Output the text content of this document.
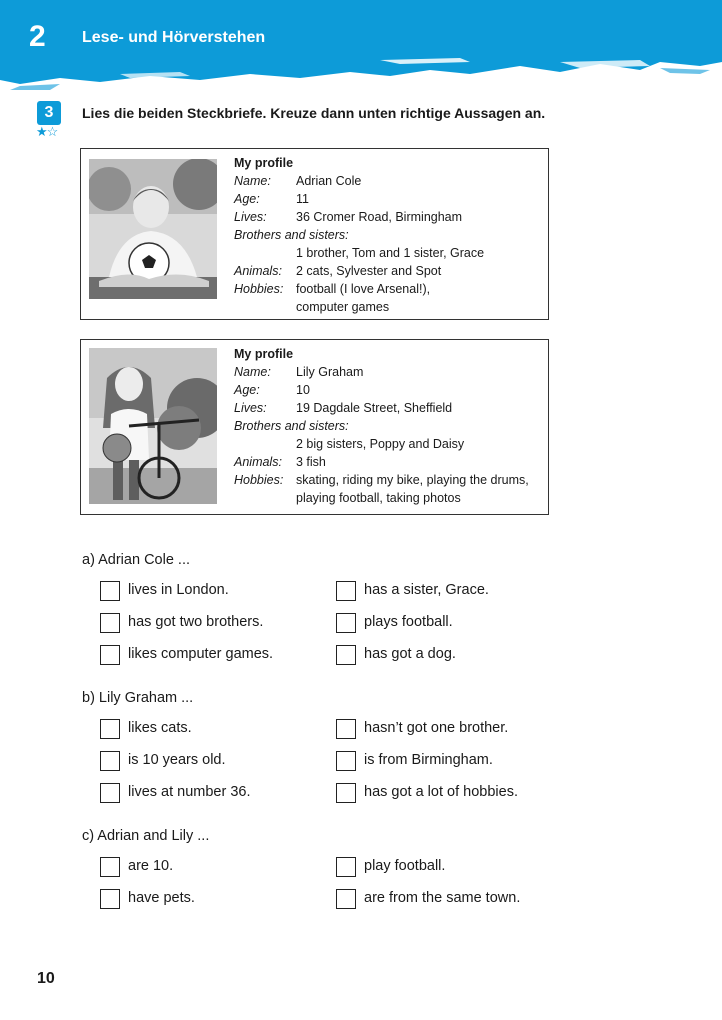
2 Lese- und Hörverstehen
3
★☆
Lies die beiden Steckbriefe. Kreuze dann unten richtige Aussagen an.
My profile
Name: Adrian Cole
Age:	11
Lives: 36 Cromer Road, Birmingham
Brothers and sisters:
1 brother, Tom and 1 sister, Grace
Animals: 2 cats, Sylvester and Spot
Hobbies: football (I love Arsenal!),
computer games
My profile
Name: Lily Graham
Age:	10
Lives: 19 Dagdale Street, Sheffield
Brothers and sisters:
2 big sisters, Poppy and Daisy
Animals: 3 fish
Hobbies: skating, riding my bike, playing the drums,
playing football, taking photos
a) Adrian Cole ...
lives in London.
has got two brothers.
likes computer games.
has a sister, Grace.
plays football.
has got a dog.
b) Lily Graham ...
likes cats.
is 10 years old.
lives at number 36.
hasn’t got one brother.
is from Birmingham.
has got a lot of hobbies.
c) Adrian and Lily ...
are 10.
have pets.
play football.
are from the same town.
10
